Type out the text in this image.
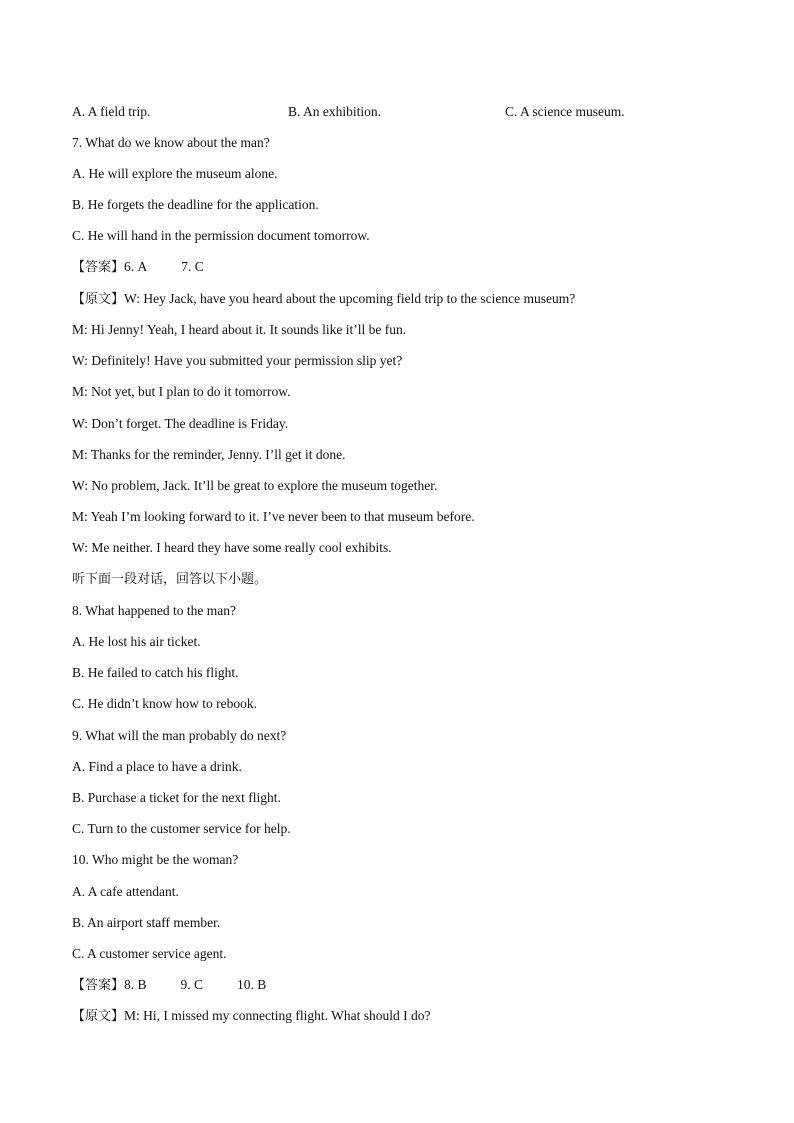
A. A field trip.	B. An exhibition.	C. A science museum.
7. What do we know about the man?
A. He will explore the museum alone.
B. He forgets the deadline for the application.
C. He will hand in the permission document tomorrow.
【答案】6. A	7. C
【原文】W: Hey Jack, have you heard about the upcoming field trip to the science museum?
M: Hi Jenny! Yeah, I heard about it. It sounds like it’ll be fun.
W: Definitely! Have you submitted your permission slip yet?
M: Not yet, but I plan to do it tomorrow.
W: Don’t forget. The deadline is Friday.
M: Thanks for the reminder, Jenny. I’ll get it done.
W: No problem, Jack. It’ll be great to explore the museum together.
M: Yeah I’m looking forward to it. I’ve never been to that museum before.
W: Me neither. I heard they have some really cool exhibits.
听下面一段对话，回答以下小题。
8. What happened to the man?
A. He lost his air ticket.
B. He failed to catch his flight.
C. He didn’t know how to rebook.
9. What will the man probably do next?
A. Find a place to have a drink.
B. Purchase a ticket for the next flight.
C. Turn to the customer service for help.
10. Who might be the woman?
A. A cafe attendant.
B. An airport staff member.
C. A customer service agent.
【答案】8. B	9. C	10. B
【原文】M: Hi, I missed my connecting flight. What should I do?
